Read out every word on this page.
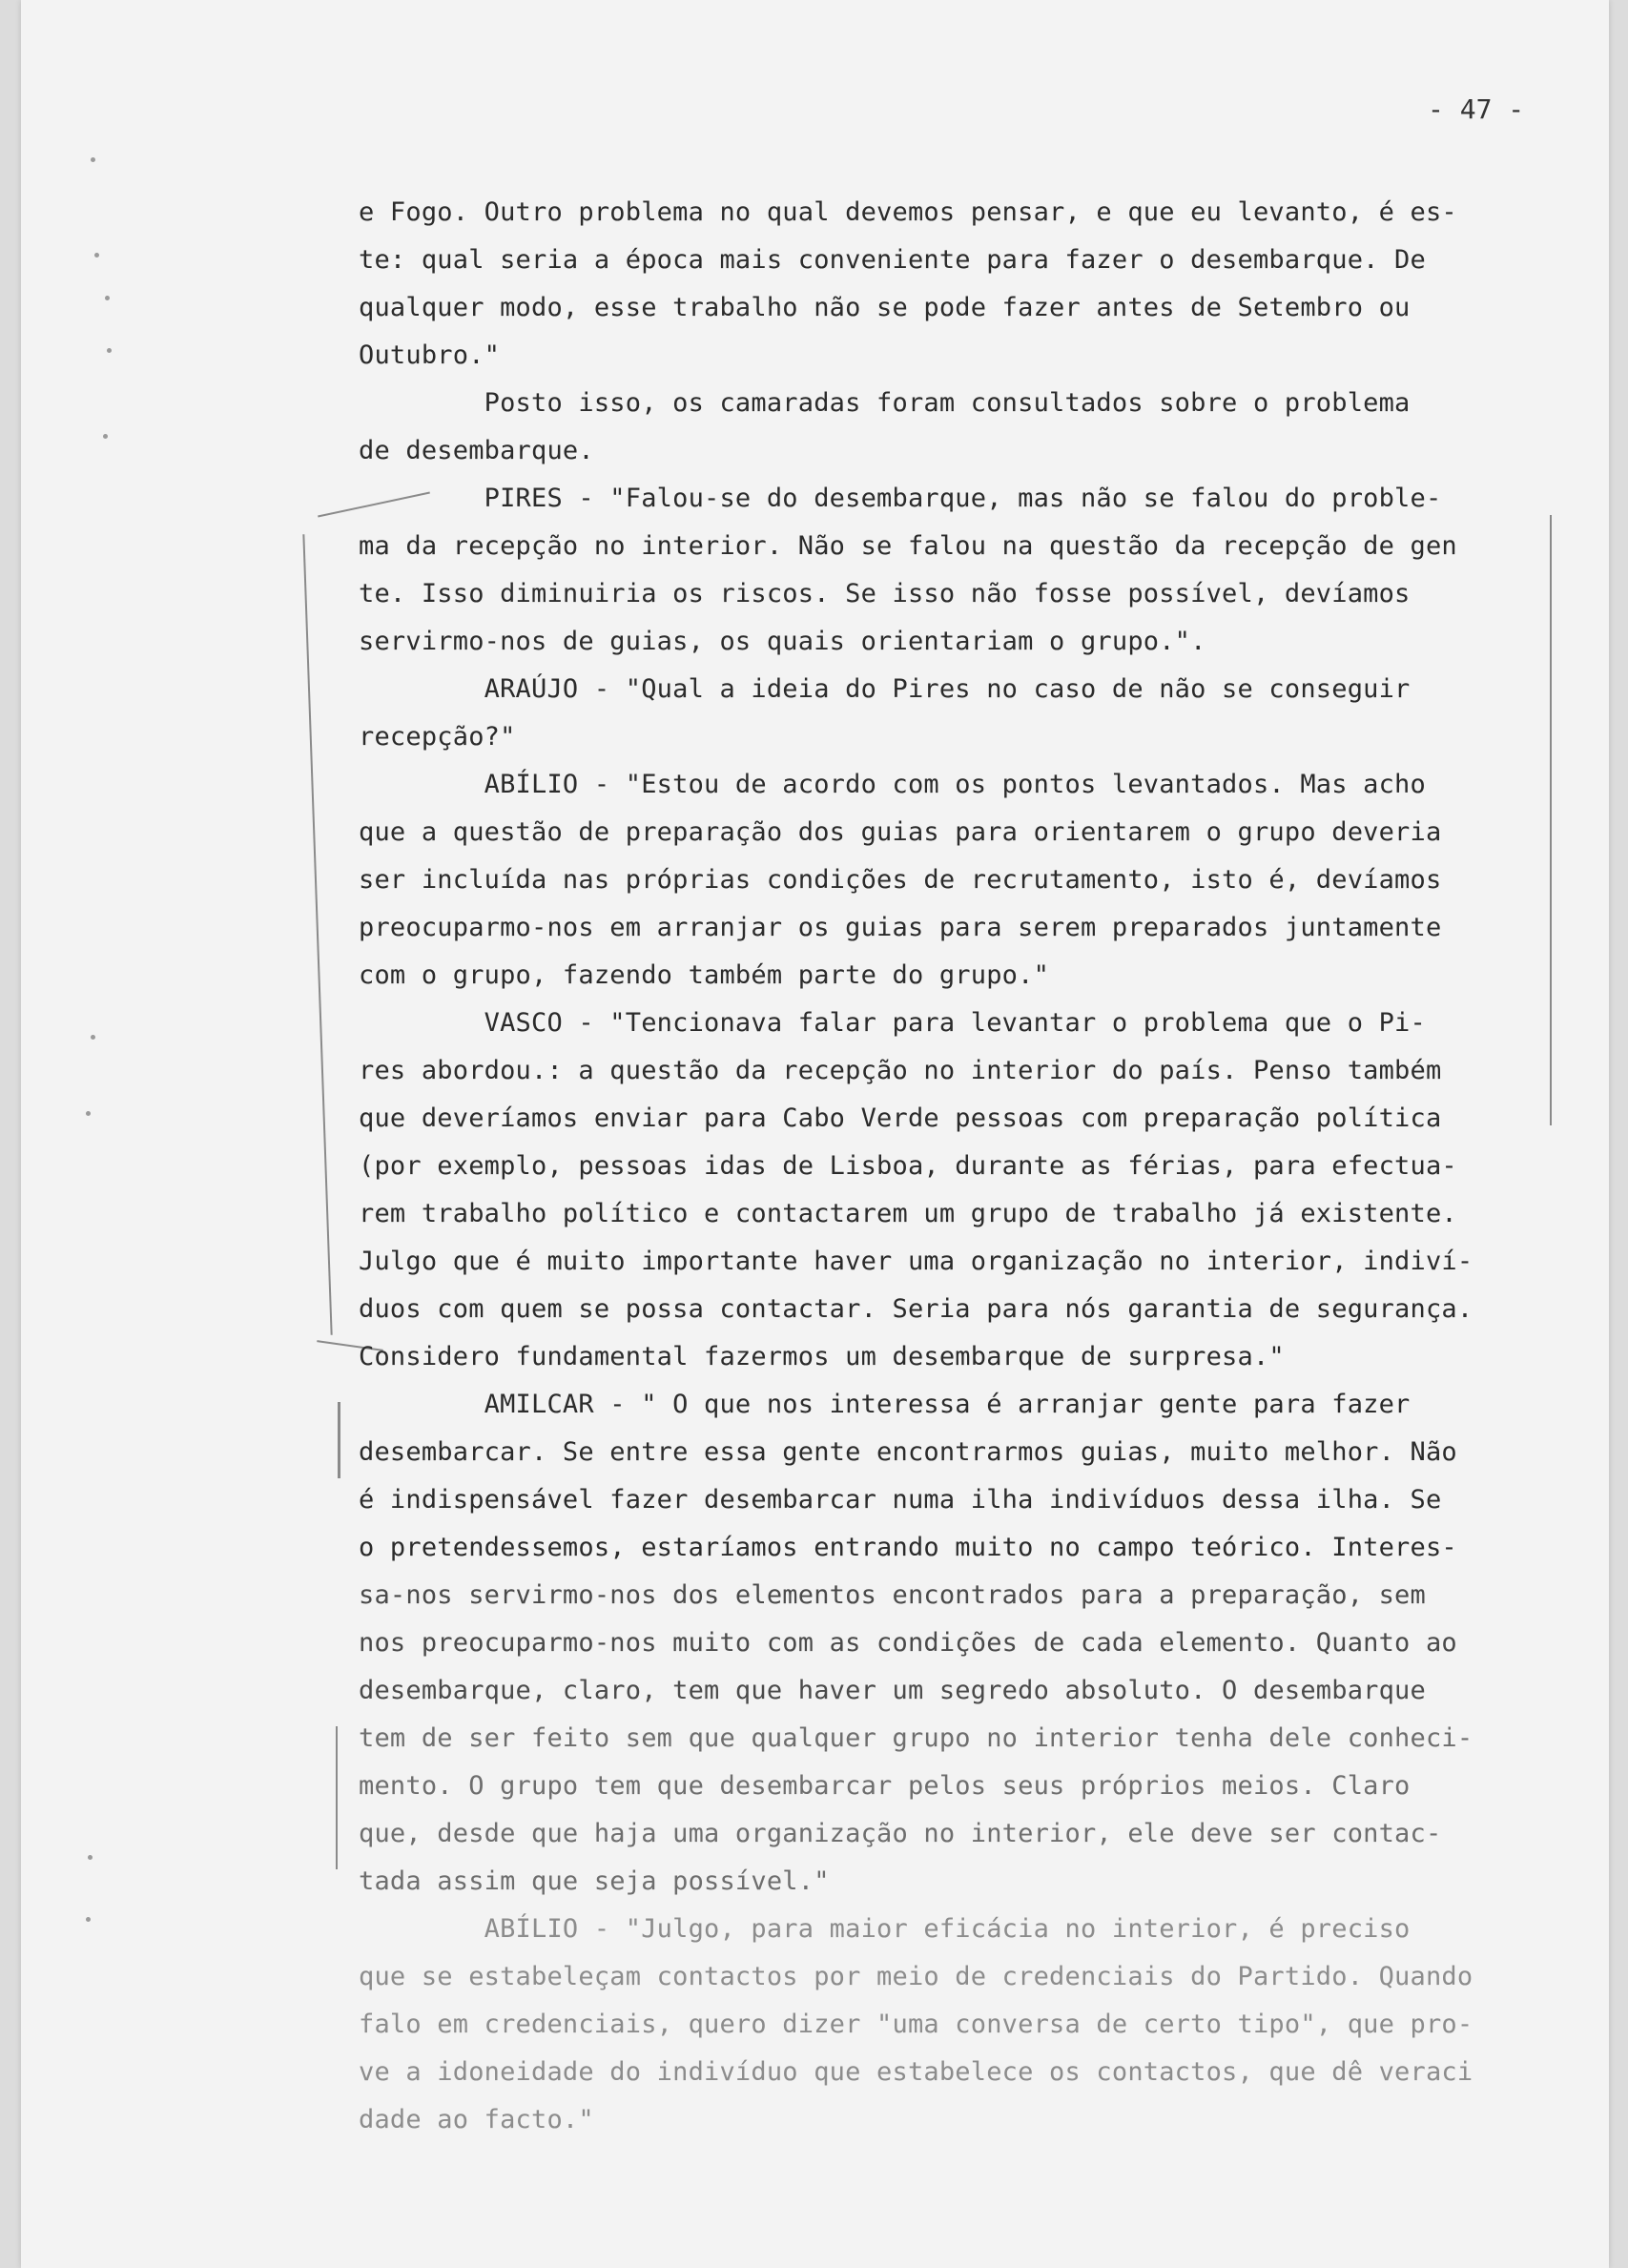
- 47 -
e Fogo. Outro problema no qual devemos pensar, e que eu levanto, é es-
te: qual seria a época mais conveniente para fazer o desembarque. De
qualquer modo, esse trabalho não se pode fazer antes de Setembro ou
Outubro."
Posto isso, os camaradas foram consultados sobre o problema
de desembarque.
PIRES - "Falou-se do desembarque, mas não se falou do proble-
ma da recepção no interior. Não se falou na questão da recepção de gen
te. Isso diminuiria os riscos. Se isso não fosse possível, devíamos
servirmo-nos de guias, os quais orientariam o grupo.".
ARAÚJO - "Qual a ideia do Pires no caso de não se conseguir
recepção?"
ABÍLIO - "Estou de acordo com os pontos levantados. Mas acho
que a questão de preparação dos guias para orientarem o grupo deveria
ser incluída nas próprias condições de recrutamento, isto é, devíamos
preocuparmo-nos em arranjar os guias para serem preparados juntamente
com o grupo, fazendo também parte do grupo."
VASCO - "Tencionava falar para levantar o problema que o Pi-
res abordou.: a questão da recepção no interior do país. Penso também
que deveríamos enviar para Cabo Verde pessoas com preparação política
(por exemplo, pessoas idas de Lisboa, durante as férias, para efectua-
rem trabalho político e contactarem um grupo de trabalho já existente.
Julgo que é muito importante haver uma organização no interior, indiví-
duos com quem se possa contactar. Seria para nós garantia de segurança.
Considero fundamental fazermos um desembarque de surpresa."
AMILCAR - " O que nos interessa é arranjar gente para fazer
desembarcar. Se entre essa gente encontrarmos guias, muito melhor. Não
é indispensável fazer desembarcar numa ilha indivíduos dessa ilha. Se
o pretendessemos, estaríamos entrando muito no campo teórico. Interes-
sa-nos servirmo-nos dos elementos encontrados para a preparação, sem
nos preocuparmo-nos muito com as condições de cada elemento. Quanto ao
desembarque, claro, tem que haver um segredo absoluto. O desembarque
tem de ser feito sem que qualquer grupo no interior tenha dele conheci-
mento. O grupo tem que desembarcar pelos seus próprios meios. Claro
que, desde que haja uma organização no interior, ele deve ser contac-
tada assim que seja possível."
ABÍLIO - "Julgo, para maior eficácia no interior, é preciso
que se estabeleçam contactos por meio de credenciais do Partido. Quando
falo em credenciais, quero dizer "uma conversa de certo tipo", que pro-
ve a idoneidade do indivíduo que estabelece os contactos, que dê veraci
dade ao facto."
